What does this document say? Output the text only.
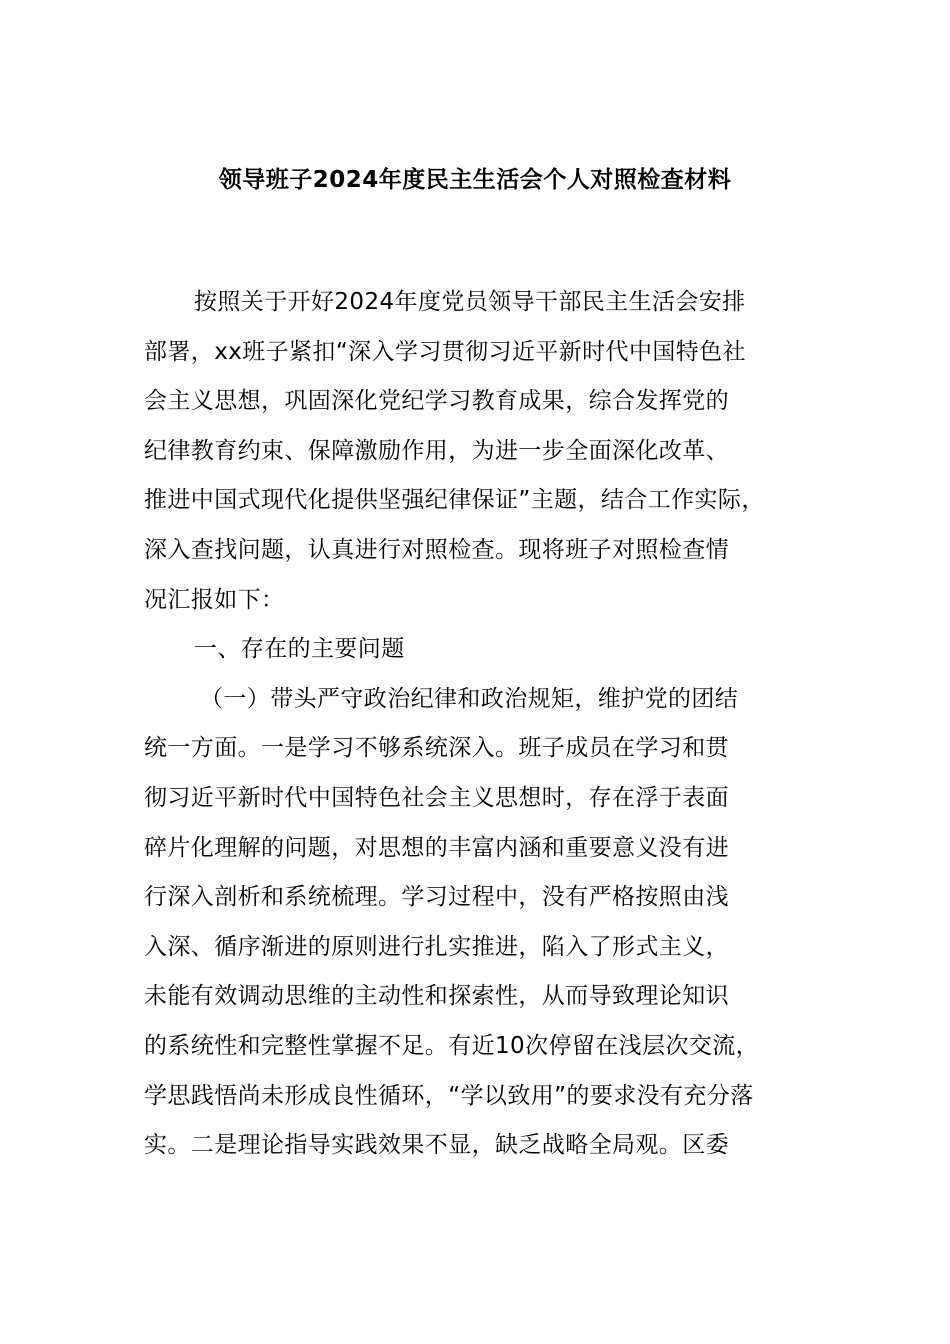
领导班子2024年度民主生活会个人对照检查材料
按照关于开好2024年度党员领导干部民主生活会安排
部署，xx班子紧扣“深入学习贯彻习近平新时代中国特色社
会主义思想，巩固深化党纪学习教育成果，综合发挥党的
纪律教育约束、保障激励作用，为进一步全面深化改革、
推进中国式现代化提供坚强纪律保证”主题，结合工作实际，
深入查找问题，认真进行对照检查。现将班子对照检查情
况汇报如下：
一、存在的主要问题
（一）带头严守政治纪律和政治规矩，维护党的团结
统一方面。一是学习不够系统深入。班子成员在学习和贯
彻习近平新时代中国特色社会主义思想时，存在浮于表面
碎片化理解的问题，对思想的丰富内涵和重要意义没有进
行深入剖析和系统梳理。学习过程中，没有严格按照由浅
入深、循序渐进的原则进行扎实推进，陷入了形式主义，
未能有效调动思维的主动性和探索性，从而导致理论知识
的系统性和完整性掌握不足。有近10次停留在浅层次交流，
学思践悟尚未形成良性循环，“学以致用”的要求没有充分落
实。二是理论指导实践效果不显，缺乏战略全局观。区委
